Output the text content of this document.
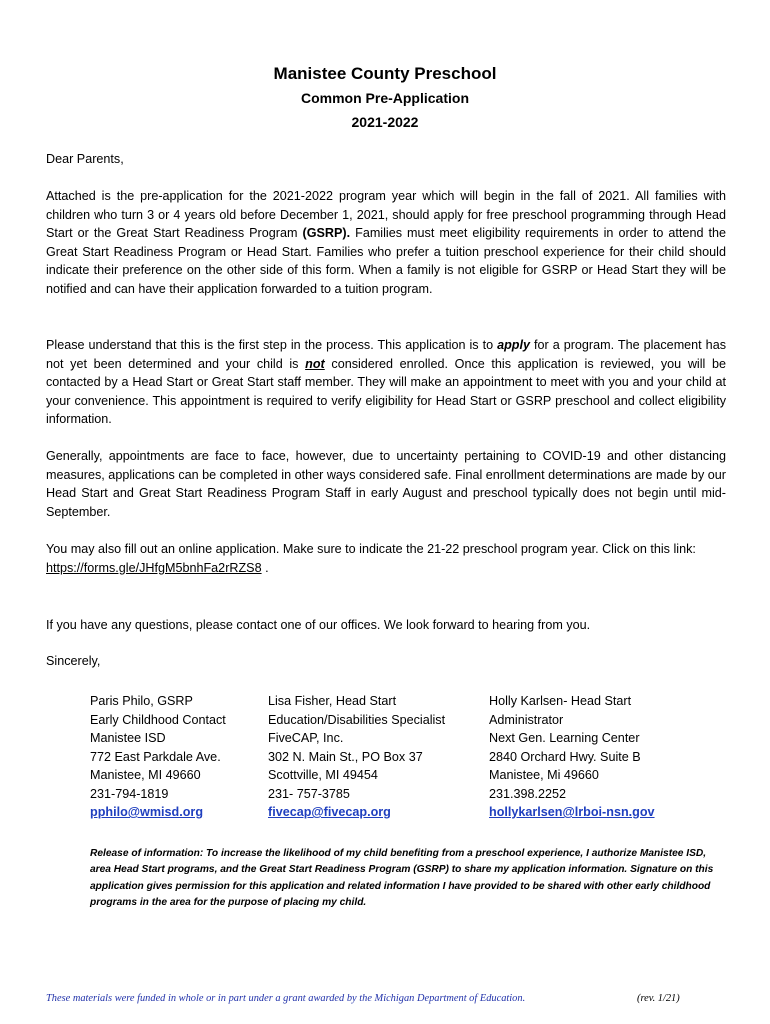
Manistee County Preschool
Common Pre-Application
2021-2022
Dear Parents,
Attached is the pre-application for the 2021-2022 program year which will begin in the fall of 2021. All families with children who turn 3 or 4 years old before December 1, 2021, should apply for free preschool programming through Head Start or the Great Start Readiness Program (GSRP). Families must meet eligibility requirements in order to attend the Great Start Readiness Program or Head Start. Families who prefer a tuition preschool experience for their child should indicate their preference on the other side of this form. When a family is not eligible for GSRP or Head Start they will be notified and can have their application forwarded to a tuition program.
Please understand that this is the first step in the process. This application is to apply for a program. The placement has not yet been determined and your child is not considered enrolled. Once this application is reviewed, you will be contacted by a Head Start or Great Start staff member. They will make an appointment to meet with you and your child at your convenience. This appointment is required to verify eligibility for Head Start or GSRP preschool and collect eligibility information.
Generally, appointments are face to face, however, due to uncertainty pertaining to COVID-19 and other distancing measures, applications can be completed in other ways considered safe. Final enrollment determinations are made by our Head Start and Great Start Readiness Program Staff in early August and preschool typically does not begin until mid-September.
You may also fill out an online application. Make sure to indicate the 21-22 preschool program year. Click on this link: https://forms.gle/JHfgM5bnhFa2rRZS8 .
If you have any questions, please contact one of our offices. We look forward to hearing from you.
Sincerely,
Paris Philo, GSRP
Early Childhood Contact
Manistee ISD
772 East Parkdale Ave.
Manistee, MI 49660
231-794-1819
pphilo@wmisd.org
Lisa Fisher, Head Start
Education/Disabilities Specialist
FiveCAP, Inc.
302 N. Main St., PO Box 37
Scottville, MI 49454
231- 757-3785
fivecap@fivecap.org
Holly Karlsen- Head Start
Administrator
Next Gen. Learning Center
2840 Orchard Hwy. Suite B
Manistee, Mi 49660
231.398.2252
hollykarlsen@lrboi-nsn.gov
Release of information: To increase the likelihood of my child benefiting from a preschool experience, I authorize Manistee ISD, area Head Start programs, and the Great Start Readiness Program (GSRP) to share my application information. Signature on this application gives permission for this application and related information I have provided to be shared with other early childhood programs in the area for the purpose of placing my child.
These materials were funded in whole or in part under a grant awarded by the Michigan Department of Education.	(rev. 1/21)
